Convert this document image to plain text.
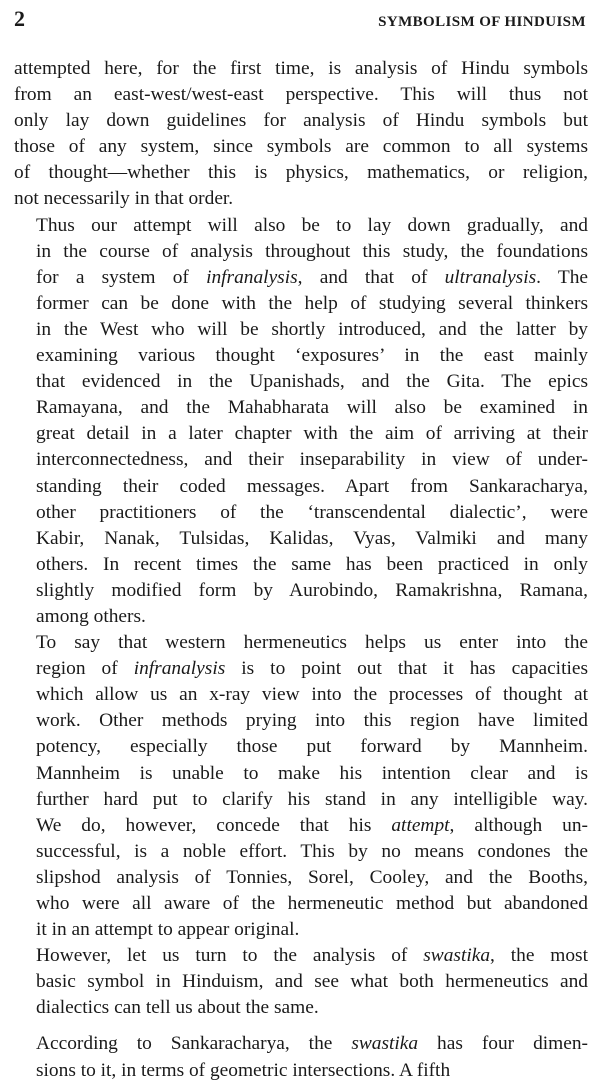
2	SYMBOLISM OF HINDUISM

attempted here, for the first time, is analysis of Hindu symbols
from an east-west/west-east perspective. This will thus not
only lay down guidelines for analysis of Hindu symbols but
those of any system, since symbols are common to all systems
of thought—whether this is physics, mathematics, or religion,
not necessarily in that order.

Thus our attempt will also be to lay down gradually, and
in the course of analysis throughout this study, the foundations
for a system of infranalysis, and that of ultranalysis. The
former can be done with the help of studying several thinkers
in the West who will be shortly introduced, and the latter by
examining various thought ‘exposures’ in the east mainly
that evidenced in the Upanishads, and the Gita. The epics
Ramayana, and the Mahabharata will also be examined in
great detail in a later chapter with the aim of arriving at their
interconnectedness, and their inseparability in view of under-
standing their coded messages. Apart from Sankaracharya,
other practitioners of the ‘transcendental dialectic’, were
Kabir, Nanak, Tulsidas, Kalidas, Vyas, Valmiki and many
others. In recent times the same has been practiced in only
slightly modified form by Aurobindo, Ramakrishna, Ramana,
among others.

To say that western hermeneutics helps us enter into the
region of infranalysis is to point out that it has capacities
which allow us an x-ray view into the processes of thought at
work. Other methods prying into this region have limited
potency, especially those put forward by Mannheim.
Mannheim is unable to make his intention clear and is
further hard put to clarify his stand in any intelligible way.
We do, however, concede that his attempt, although un-
successful, is a noble effort. This by no means condones the
slipshod analysis of Tonnies, Sorel, Cooley, and the Booths,
who were all aware of the hermeneutic method but abandoned
it in an attempt to appear original.

However, let us turn to the analysis of swastika, the most
basic symbol in Hinduism, and see what both hermeneutics and
dialectics can tell us about the same.

According to Sankaracharya, the swastika has four dimen-
sions to it, in terms of geometric intersections. A fifth
